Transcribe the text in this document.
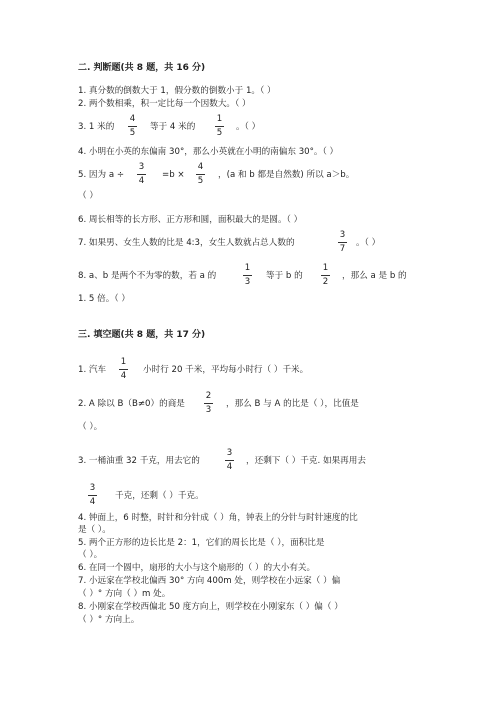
二. 判断题(共 8 题，共 16 分)
1. 真分数的倒数大于 1，假分数的倒数小于 1。（ ）
2. 两个数相乘，积一定比每一个因数大。（ ）
3. 1 米的
4
5
等于 4 米的
1
5
。（ ）
4. 小明在小英的东偏南 30°，那么小英就在小明的南偏东 30°。（ ）
5. 因为 a ÷
3
4
=b ×
4
5
，(a 和 b 都是自然数) 所以 a＞b。
（ ）
6. 周长相等的长方形、正方形和圆，面积最大的是圆。（ ）
7. 如果男、女生人数的比是 4:3，女生人数就占总人数的
3
7
。（ ）
8. a、b 是两个不为零的数，若 a 的
1
3
等于 b 的
1
2
，那么 a 是 b 的
1. 5 倍。（ ）
三. 填空题(共 8 题，共 17 分)
1. 汽车
1
4
小时行 20 千米，平均每小时行（ ）千米。
2. A 除以 B（B≠0）的商是
2
3
，那么 B 与 A 的比是（ ），比值是
（ ）。
3. 一桶油重 32 千克，用去它的
3
4
，还剩下（ ）千克. 如果再用去
3
4
千克，还剩（ ）千克。
4. 钟面上，6 时整，时针和分针成（ ）角，钟表上的分针与时针速度的比
是（ ）。
5. 两个正方形的边长比是 2：1，它们的周长比是（ ），面积比是
（ ）。
6. 在同一个圆中，扇形的大小与这个扇形的（ ）的大小有关。
7. 小远家在学校北偏西 30° 方向 400m 处，则学校在小远家（ ）偏
（ ）° 方向（ ）m 处。
8. 小刚家在学校西偏北 50 度方向上，则学校在小刚家东（ ）偏（ ）
（ ）° 方向上。
